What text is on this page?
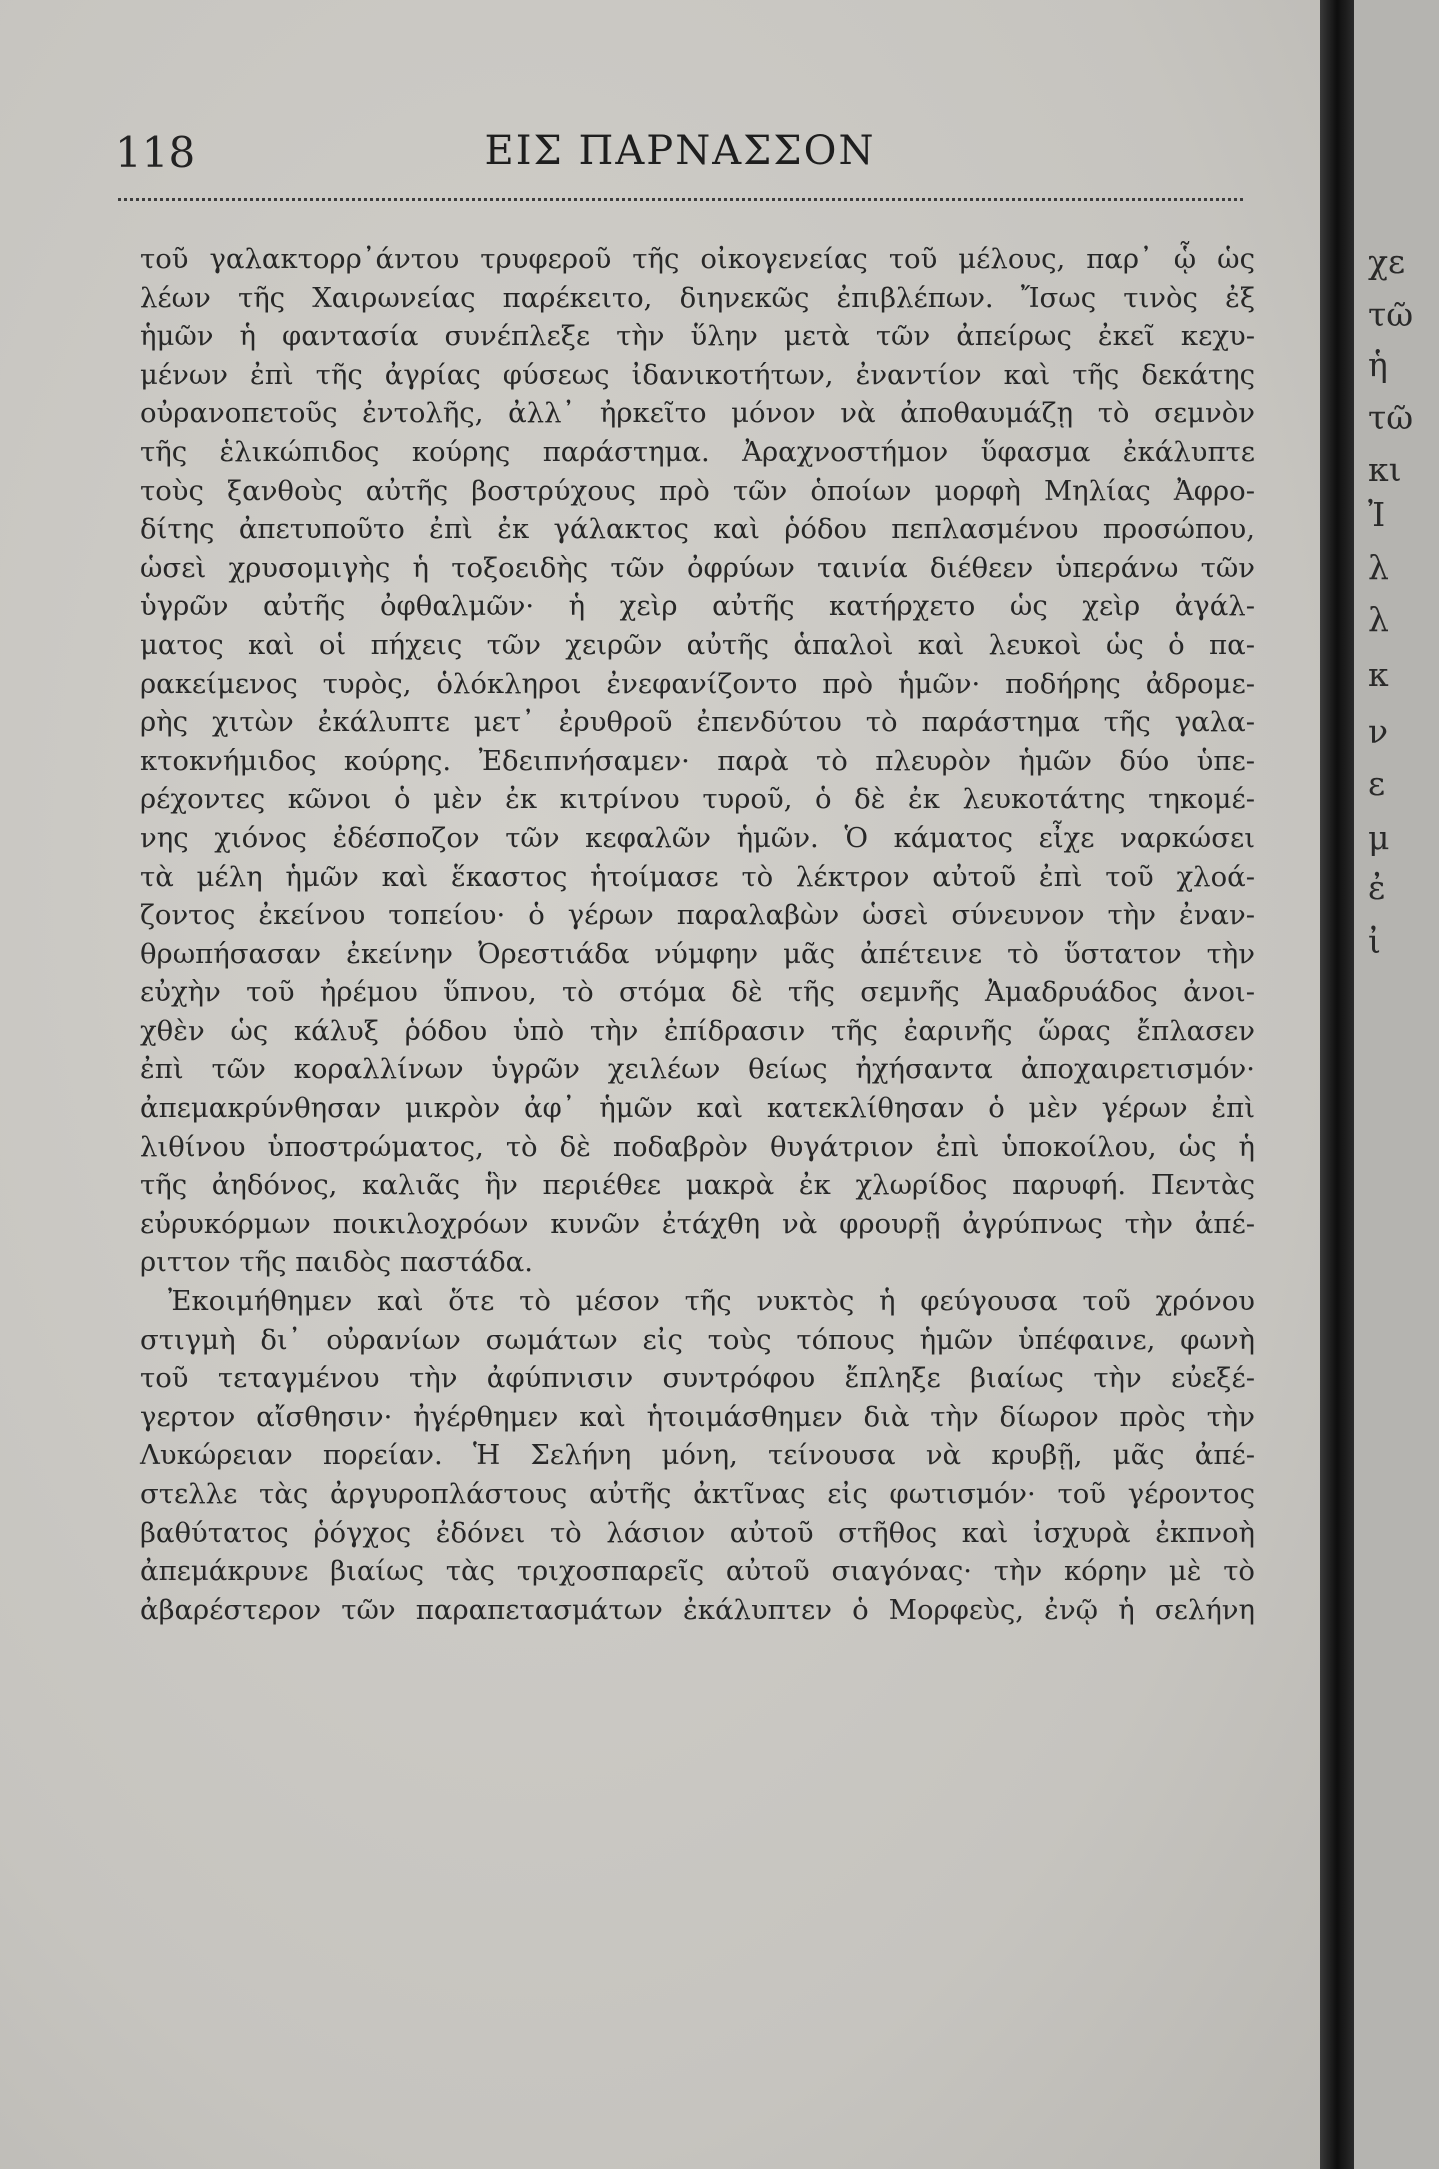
118	ΕΙΣ ΠΑΡΝΑΣΣΟΝ
τοῦ γαλακτορρ᾿άντου τρυφεροῦ τῆς οἰκογενείας τοῦ μέλους, παρ᾿ ᾧ ὡς
λέων τῆς Χαιρωνείας παρέκειτο, διηνεκῶς ἐπιβλέπων. Ἴσως τινὸς ἐξ
ἡμῶν ἡ φαντασία συνέπλεξε τὴν ὕλην μετὰ τῶν ἀπείρως ἐκεῖ κεχυ-
μένων ἐπὶ τῆς ἀγρίας φύσεως ἰδανικοτήτων, ἐναντίον καὶ τῆς δεκάτης
οὐρανοπετοῦς ἐντολῆς, ἀλλ᾿ ἠρκεῖτο μόνον νὰ ἀποθαυμάζῃ τὸ σεμνὸν
τῆς ἑλικώπιδος κούρης παράστημα. Ἀραχνοστήμον ὕφασμα ἐκάλυπτε
τοὺς ξανθοὺς αὐτῆς βοστρύχους πρὸ τῶν ὁποίων μορφὴ Μηλίας Ἀφρο-
δίτης ἀπετυποῦτο ἐπὶ ἐκ γάλακτος καὶ ῥόδου πεπλασμένου προσώπου,
ὡσεὶ χρυσομιγὴς ἡ τοξοειδὴς τῶν ὀφρύων ταινία διέθεεν ὑπεράνω τῶν
ὑγρῶν αὐτῆς ὀφθαλμῶν· ἡ χεὶρ αὐτῆς κατήρχετο ὡς χεὶρ ἀγάλ-
ματος καὶ οἱ πήχεις τῶν χειρῶν αὐτῆς ἁπαλοὶ καὶ λευκοὶ ὡς ὁ πα-
ρακείμενος τυρὸς, ὁλόκληροι ἐνεφανίζοντο πρὸ ἡμῶν· ποδήρης ἀδρομε-
ρὴς χιτὼν ἐκάλυπτε μετ᾿ ἐρυθροῦ ἐπενδύτου τὸ παράστημα τῆς γαλα-
κτοκνήμιδος κούρης. Ἐδειπνήσαμεν· παρὰ τὸ πλευρὸν ἡμῶν δύο ὑπε-
ρέχοντες κῶνοι ὁ μὲν ἐκ κιτρίνου τυροῦ, ὁ δὲ ἐκ λευκοτάτης τηκομέ-
νης χιόνος ἐδέσποζον τῶν κεφαλῶν ἡμῶν. Ὁ κάματος εἶχε ναρκώσει
τὰ μέλη ἡμῶν καὶ ἕκαστος ἡτοίμασε τὸ λέκτρον αὐτοῦ ἐπὶ τοῦ χλοά-
ζοντος ἐκείνου τοπείου· ὁ γέρων παραλαβὼν ὡσεὶ σύνευνον τὴν ἐναν-
θρωπήσασαν ἐκείνην Ὀρεστιάδα νύμφην μᾶς ἀπέτεινε τὸ ὕστατον τὴν
εὐχὴν τοῦ ἠρέμου ὕπνου, τὸ στόμα δὲ τῆς σεμνῆς Ἀμαδρυάδος ἀνοι-
χθὲν ὡς κάλυξ ῥόδου ὑπὸ τὴν ἐπίδρασιν τῆς ἐαρινῆς ὥρας ἔπλασεν
ἐπὶ τῶν κοραλλίνων ὑγρῶν χειλέων θείως ἠχήσαντα ἀποχαιρετισμόν·
ἀπεμακρύνθησαν μικρὸν ἀφ᾿ ἡμῶν καὶ κατεκλίθησαν ὁ μὲν γέρων ἐπὶ
λιθίνου ὑποστρώματος, τὸ δὲ ποδαβρὸν θυγάτριον ἐπὶ ὑποκοίλου, ὡς ἡ
τῆς ἀηδόνος, καλιᾶς ἣν περιέθεε μακρὰ ἐκ χλωρίδος παρυφή. Πεντὰς
εὐρυκόρμων ποικιλοχρόων κυνῶν ἐτάχθη νὰ φρουρῇ ἀγρύπνως τὴν ἀπέ-
ριττον τῆς παιδὸς παστάδα.
Ἐκοιμήθημεν καὶ ὅτε τὸ μέσον τῆς νυκτὸς ἡ φεύγουσα τοῦ χρόνου
στιγμὴ δι᾿ οὐρανίων σωμάτων εἰς τοὺς τόπους ἡμῶν ὑπέφαινε, φωνὴ
τοῦ τεταγμένου τὴν ἀφύπνισιν συντρόφου ἔπληξε βιαίως τὴν εὐεξέ-
γερτον αἴσθησιν· ἠγέρθημεν καὶ ἡτοιμάσθημεν διὰ τὴν δίωρον πρὸς τὴν
Λυκώρειαν πορείαν. Ἡ Σελήνη μόνη, τείνουσα νὰ κρυβῇ, μᾶς ἀπέ-
στελλε τὰς ἀργυροπλάστους αὐτῆς ἀκτῖνας εἰς φωτισμόν· τοῦ γέροντος
βαθύτατος ῥόγχος ἐδόνει τὸ λάσιον αὐτοῦ στῆθος καὶ ἰσχυρὰ ἐκπνοὴ
ἀπεμάκρυνε βιαίως τὰς τριχοσπαρεῖς αὐτοῦ σιαγόνας· τὴν κόρην μὲ τὸ
ἀβαρέστερον τῶν παραπετασμάτων ἐκάλυπτεν ὁ Μορφεὺς, ἐνῷ ἡ σελήνη
χε
τῶ
ἡ
τῶ
κι
Ἰ
λ
λ
κ
ν
ε
μ
ἐ
ἰ
